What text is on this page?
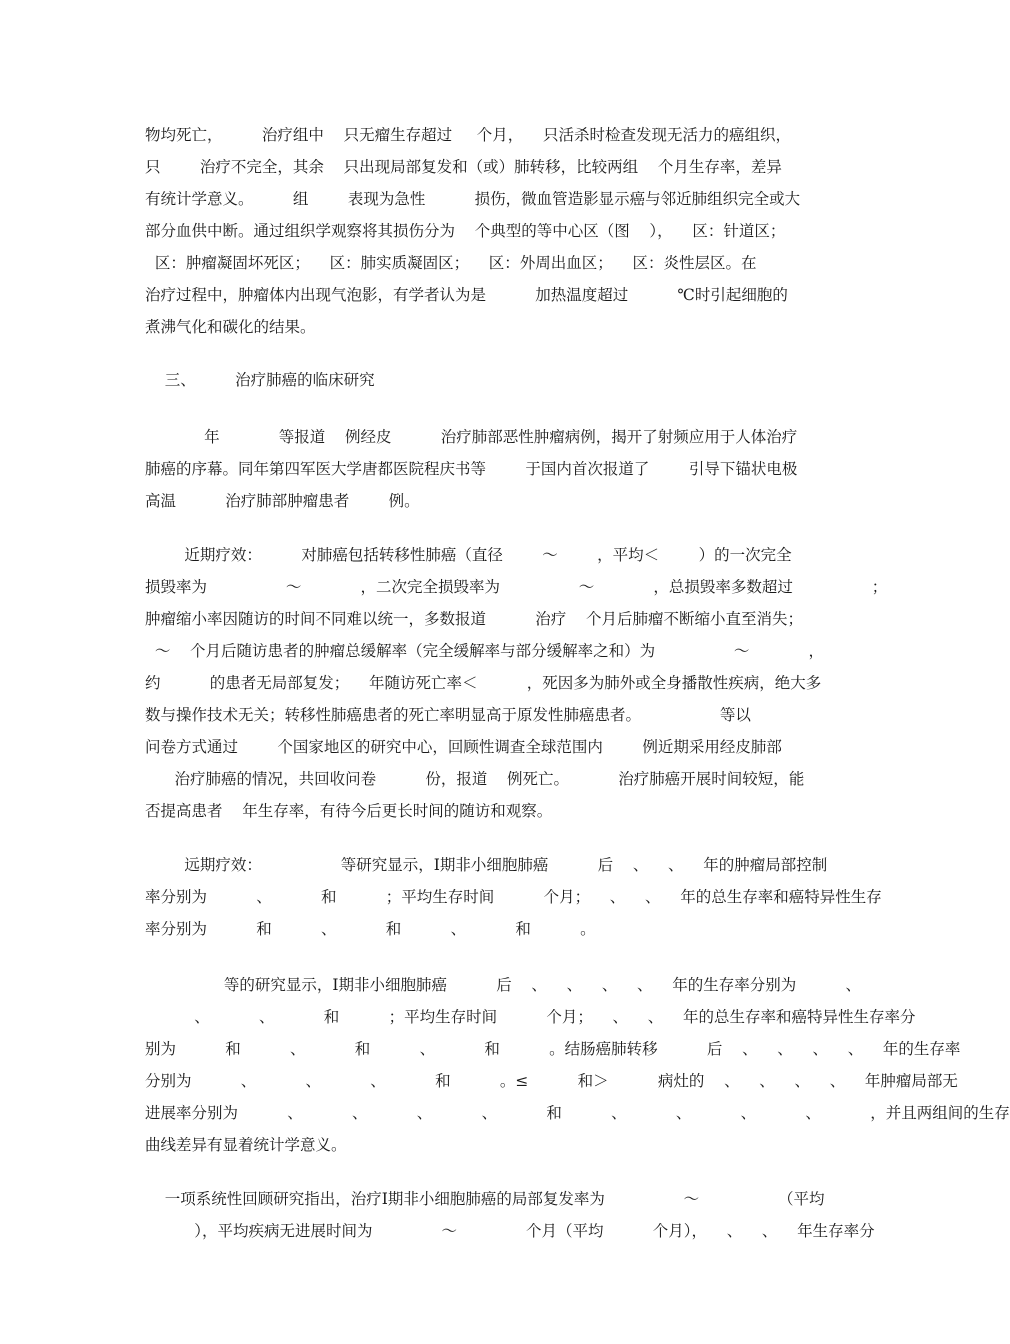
物均死亡，        治疗组中    只无瘤生存超过     个月，    只活杀时检查发现无活力的癌组织，
只        治疗不完全，其余    只出现局部复发和（或）肺转移，比较两组    个月生存率，差异
有统计学意义。        组        表现为急性          损伤，微血管造影显示癌与邻近肺组织完全或大
部分血供中断。通过组织学观察将其损伤分为    个典型的等中心区（图    ），    区：针道区；
区：肿瘤凝固坏死区；    区：肺实质凝固区；    区：外周出血区；    区：炎性层区。在
治疗过程中，肿瘤体内出现气泡影，有学者认为是          加热温度超过          ℃时引起细胞的
煮沸气化和碳化的结果。
三、        治疗肺癌的临床研究
年            等报道    例经皮          治疗肺部恶性肿瘤病例，揭开了射频应用于人体治疗
肺癌的序幕。同年第四军医大学唐都医院程庆书等        于国内首次报道了        引导下锚状电极
高温          治疗肺部肿瘤患者        例。
近期疗效：        对肺癌包括转移性肺癌（直径        ～        ，平均＜        ）的一次完全
损毁率为                ～            ，二次完全损毁率为                ～            ，总损毁率多数超过                ；
肿瘤缩小率因随访的时间不同难以统一，多数报道          治疗    个月后肺瘤不断缩小直至消失；
～    个月后随访患者的肿瘤总缓解率（完全缓解率与部分缓解率之和）为                ～            ，
约          的患者无局部复发；    年随访死亡率＜          ，死因多为肺外或全身播散性疾病，绝大多
数与操作技术无关；转移性肺癌患者的死亡率明显高于原发性肺癌患者。                等以
问卷方式通过        个国家地区的研究中心，回顾性调查全球范围内        例近期采用经皮肺部
治疗肺癌的情况，共回收问卷          份，报道    例死亡。          治疗肺癌开展时间较短，能
否提高患者    年生存率，有待今后更长时间的随访和观察。
远期疗效：                等研究显示，Ⅰ期非小细胞肺癌          后    、    、    年的肿瘤局部控制
率分别为          、          和          ；平均生存时间          个月；    、    、    年的总生存率和癌特异性生存
率分别为          和          、          和          、          和          。
等的研究显示，Ⅰ期非小细胞肺癌          后    、    、    、    、    年的生存率分别为          、
、          、          和          ；平均生存时间          个月；    、    、    年的总生存率和癌特异性生存率分
别为          和          、          和          、          和          。结肠癌肺转移          后    、    、    、    、    年的生存率
分别为          、          、          、          和          。≤          和＞          病灶的    、    、    、    、    年肿瘤局部无
进展率分别为          、          、          、          、          和          、          、          、          、          ，并且两组间的生存
曲线差异有显着统计学意义。
一项系统性回顾研究指出，治疗Ⅰ期非小细胞肺癌的局部复发率为                ～                （平均
），平均疾病无进展时间为              ～              个月（平均          个月），    、    、    年生存率分
